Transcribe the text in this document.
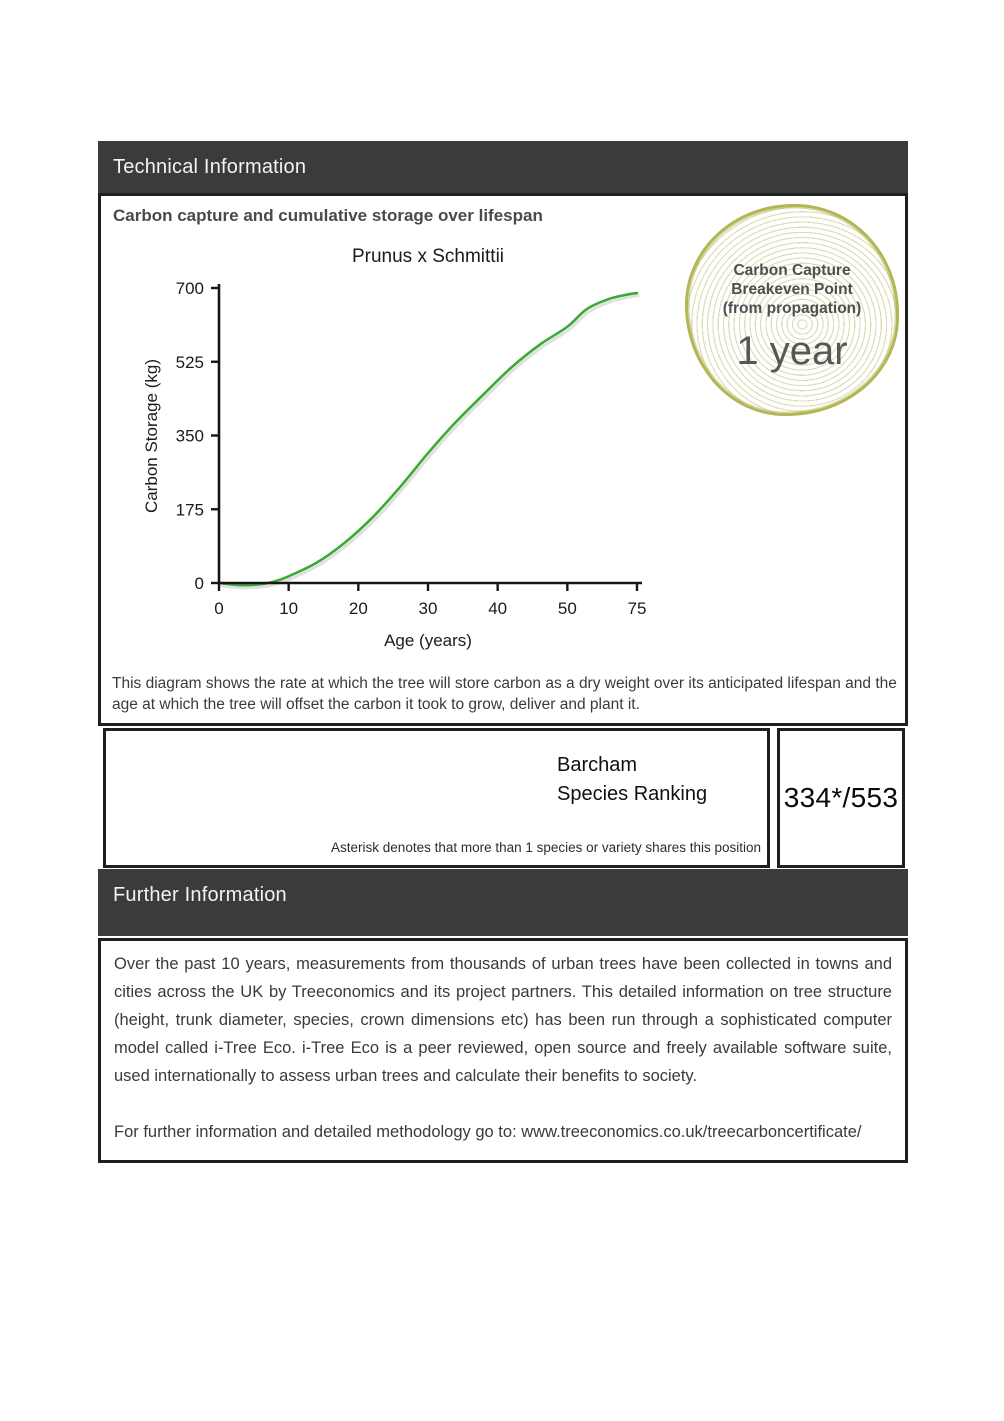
Technical Information
Carbon capture and cumulative storage over lifespan
Prunus x Schmittii
Age (years)
Carbon Storage (kg)
0	10	20	30	40	50	75
0
175
350
525
700
Carbon Capture
Breakeven Point
(from propagation)
1 year
This diagram shows the rate at which the tree will store carbon as a dry weight over its anticipated lifespan and the age at which the tree will offset the carbon it took to grow, deliver and plant it.
Barcham
Species Ranking
Asterisk denotes that more than 1 species or variety shares this position
334*/553
Further Information

Over the past 10 years, measurements from thousands of urban trees have been collected in towns and cities across the UK by Treeconomics and its project partners. This detailed information on tree structure (height, trunk diameter, species, crown dimensions etc) has been run through a sophisticated computer model called i-Tree Eco. i-Tree Eco is a peer reviewed, open source and freely available software suite, used internationally to assess urban trees and calculate their benefits to society.

For further information and detailed methodology go to: www.treeconomics.co.uk/treecarboncertificate/
